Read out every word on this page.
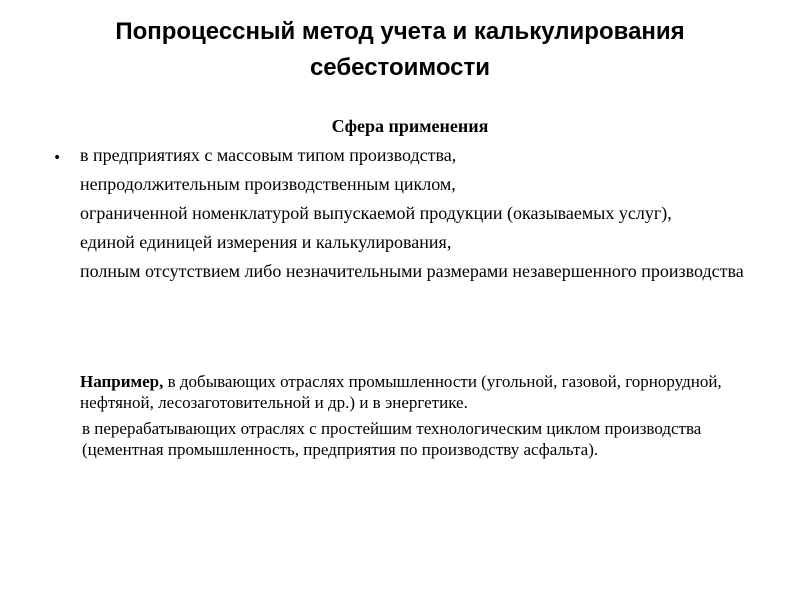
Попроцессный метод учета и калькулирования себестоимости
Сфера применения
• в предприятиях с массовым типом производства,
непродолжительным производственным циклом,
ограниченной номенклатурой выпускаемой продукции (оказываемых услуг),
единой единицей измерения и калькулирования,
полным отсутствием либо незначительными размерами незавершенного производства

Например, в добывающих отраслях промышленности (угольной, газовой, горнорудной, нефтяной, лесозаготовительной и др.) и в энергетике.

в перерабатывающих отраслях с простейшим технологическим циклом производства (цементная промышленность, предприятия по производству асфальта).
